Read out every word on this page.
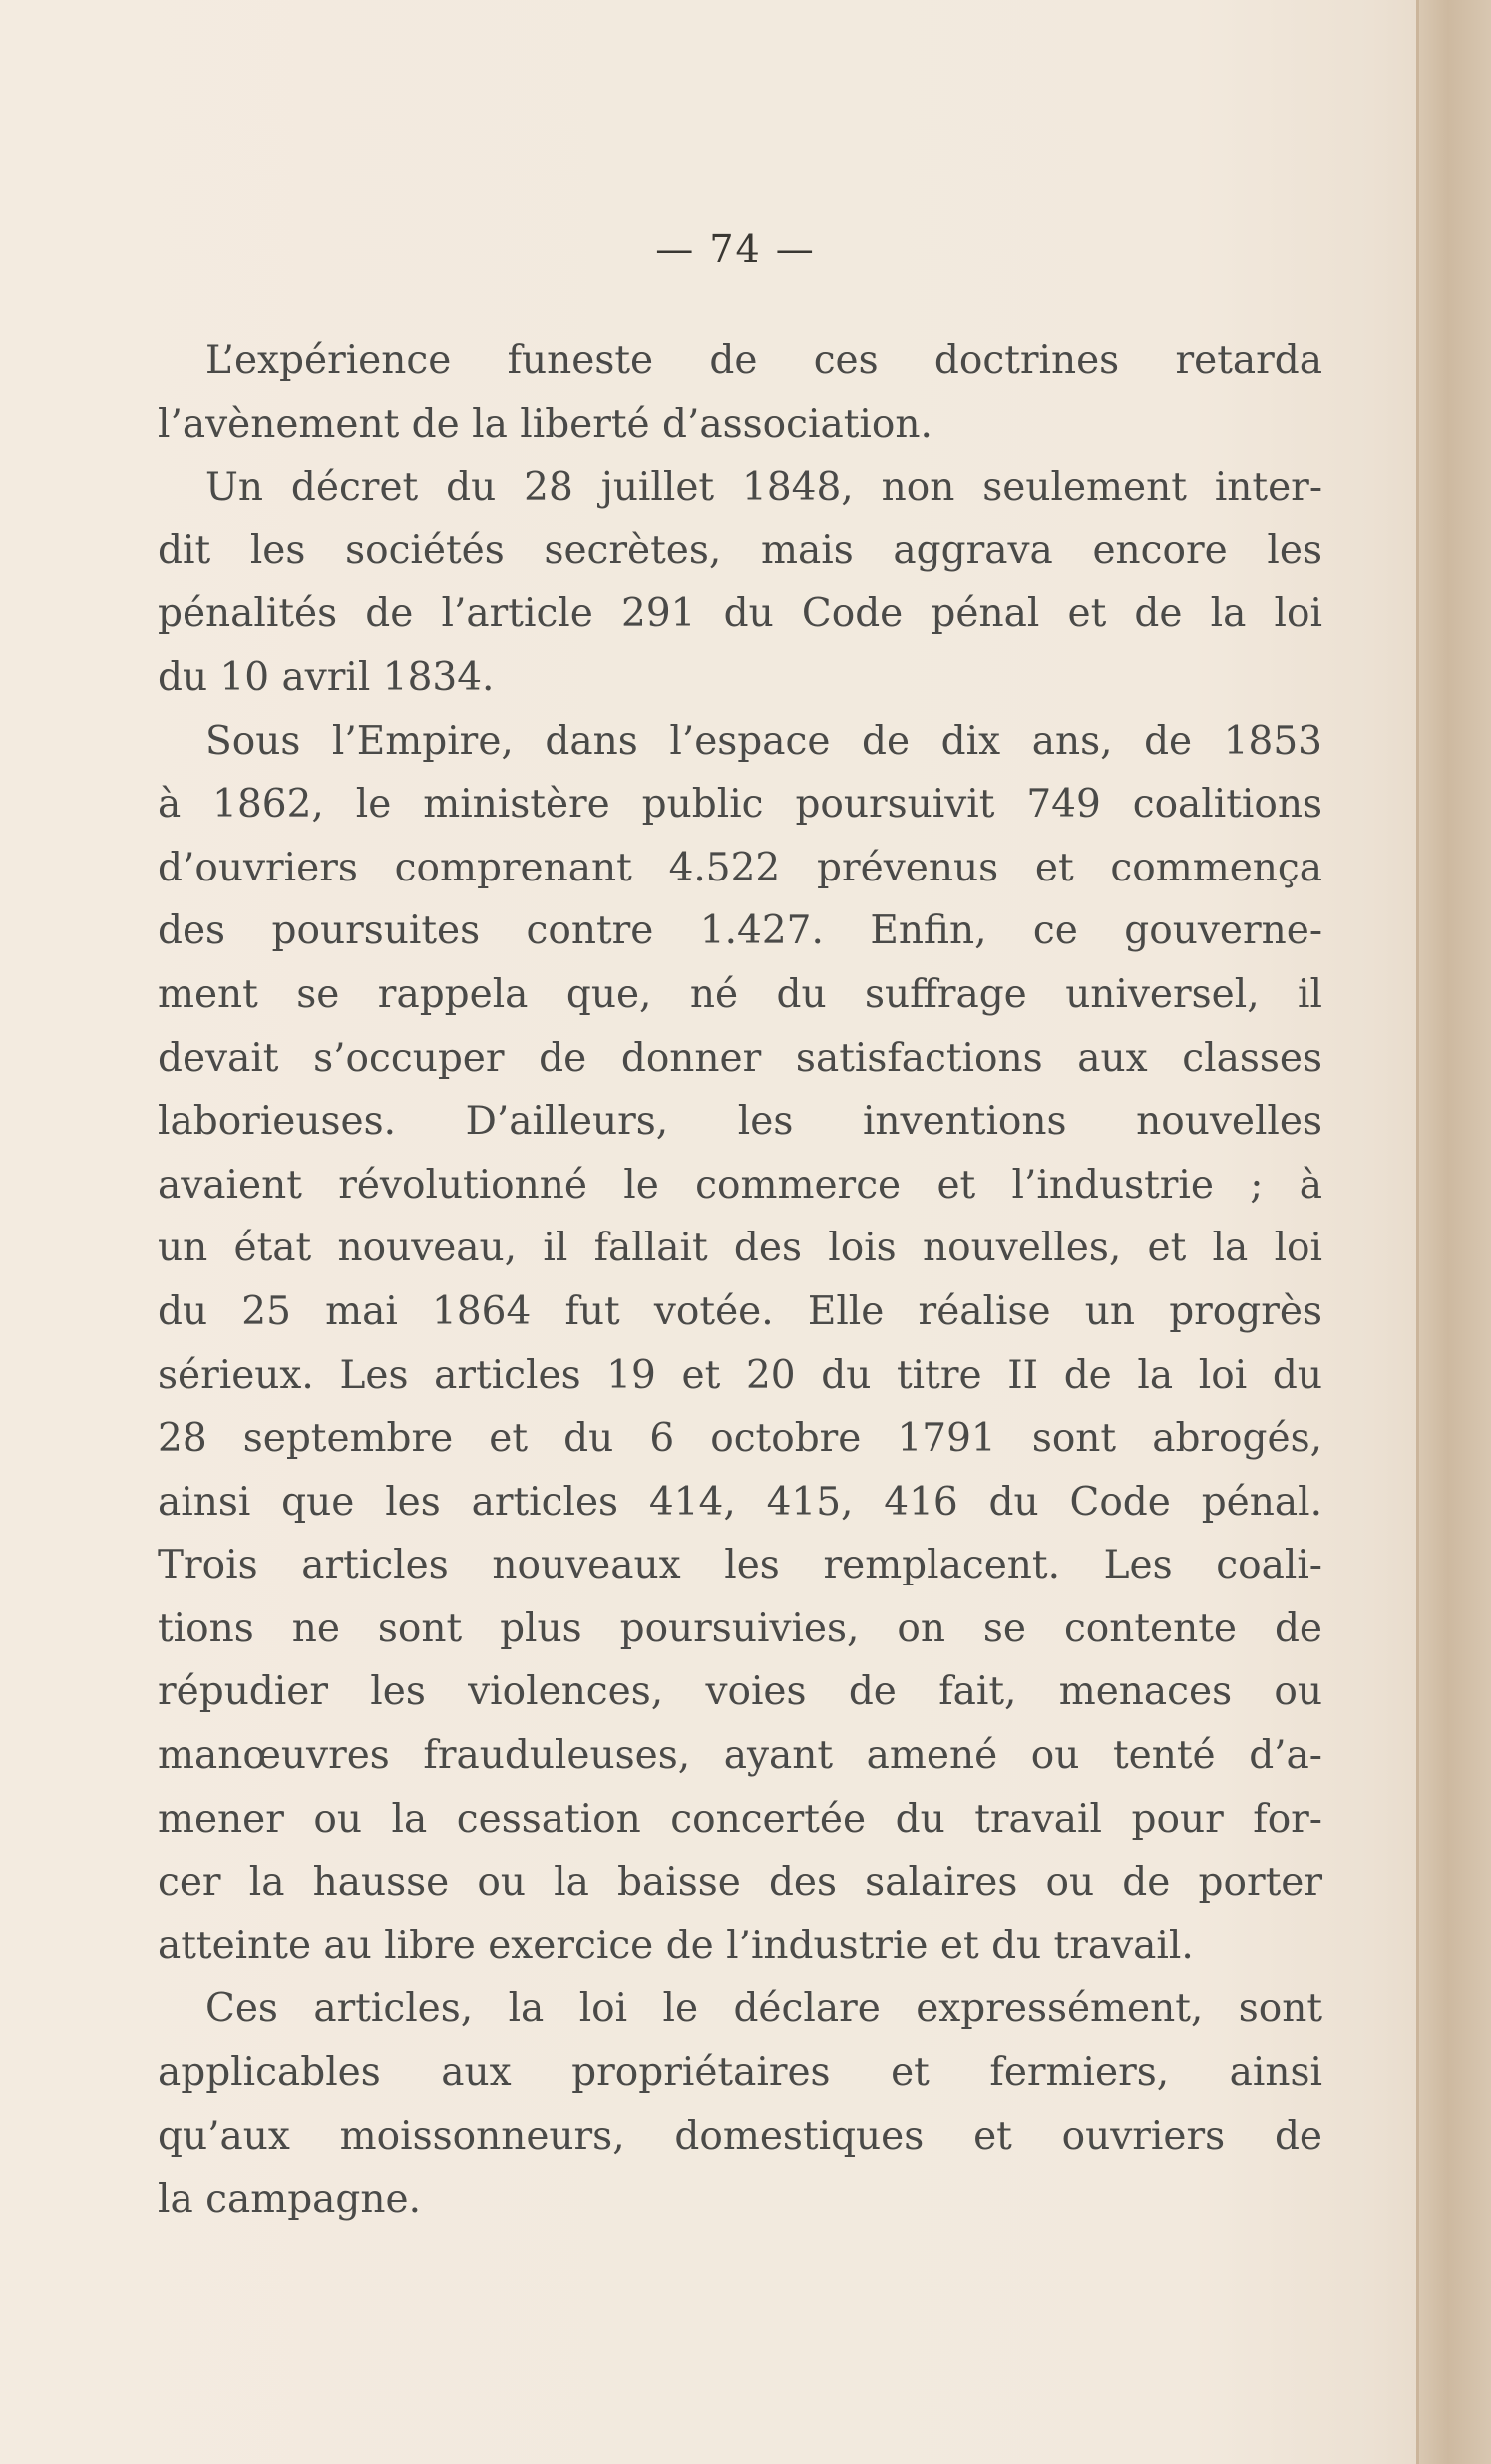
— 74 —
L’expérience funeste de ces doctrines retarda
l’avènement de la liberté d’association.
Un décret du 28 juillet 1848, non seulement inter-
dit les sociétés secrètes, mais aggrava encore les
pénalités de l’article 291 du Code pénal et de la loi
du 10 avril 1834.
Sous l’Empire, dans l’espace de dix ans, de 1853
à 1862, le ministère public poursuivit 749 coalitions
d’ouvriers comprenant 4.522 prévenus et commença
des poursuites contre 1.427. Enfin, ce gouverne-
ment se rappela que, né du suffrage universel, il
devait s’occuper de donner satisfactions aux classes
laborieuses. D’ailleurs, les inventions nouvelles
avaient révolutionné le commerce et l’industrie ; à
un état nouveau, il fallait des lois nouvelles, et la loi
du 25 mai 1864 fut votée. Elle réalise un progrès
sérieux. Les articles 19 et 20 du titre II de la loi du
28 septembre et du 6 octobre 1791 sont abrogés,
ainsi que les articles 414, 415, 416 du Code pénal.
Trois articles nouveaux les remplacent. Les coali-
tions ne sont plus poursuivies, on se contente de
répudier les violences, voies de fait, menaces ou
manœuvres frauduleuses, ayant amené ou tenté d’a-
mener ou la cessation concertée du travail pour for-
cer la hausse ou la baisse des salaires ou de porter
atteinte au libre exercice de l’industrie et du travail.
Ces articles, la loi le déclare expressément, sont
applicables aux propriétaires et fermiers, ainsi
qu’aux moissonneurs, domestiques et ouvriers de
la campagne.
